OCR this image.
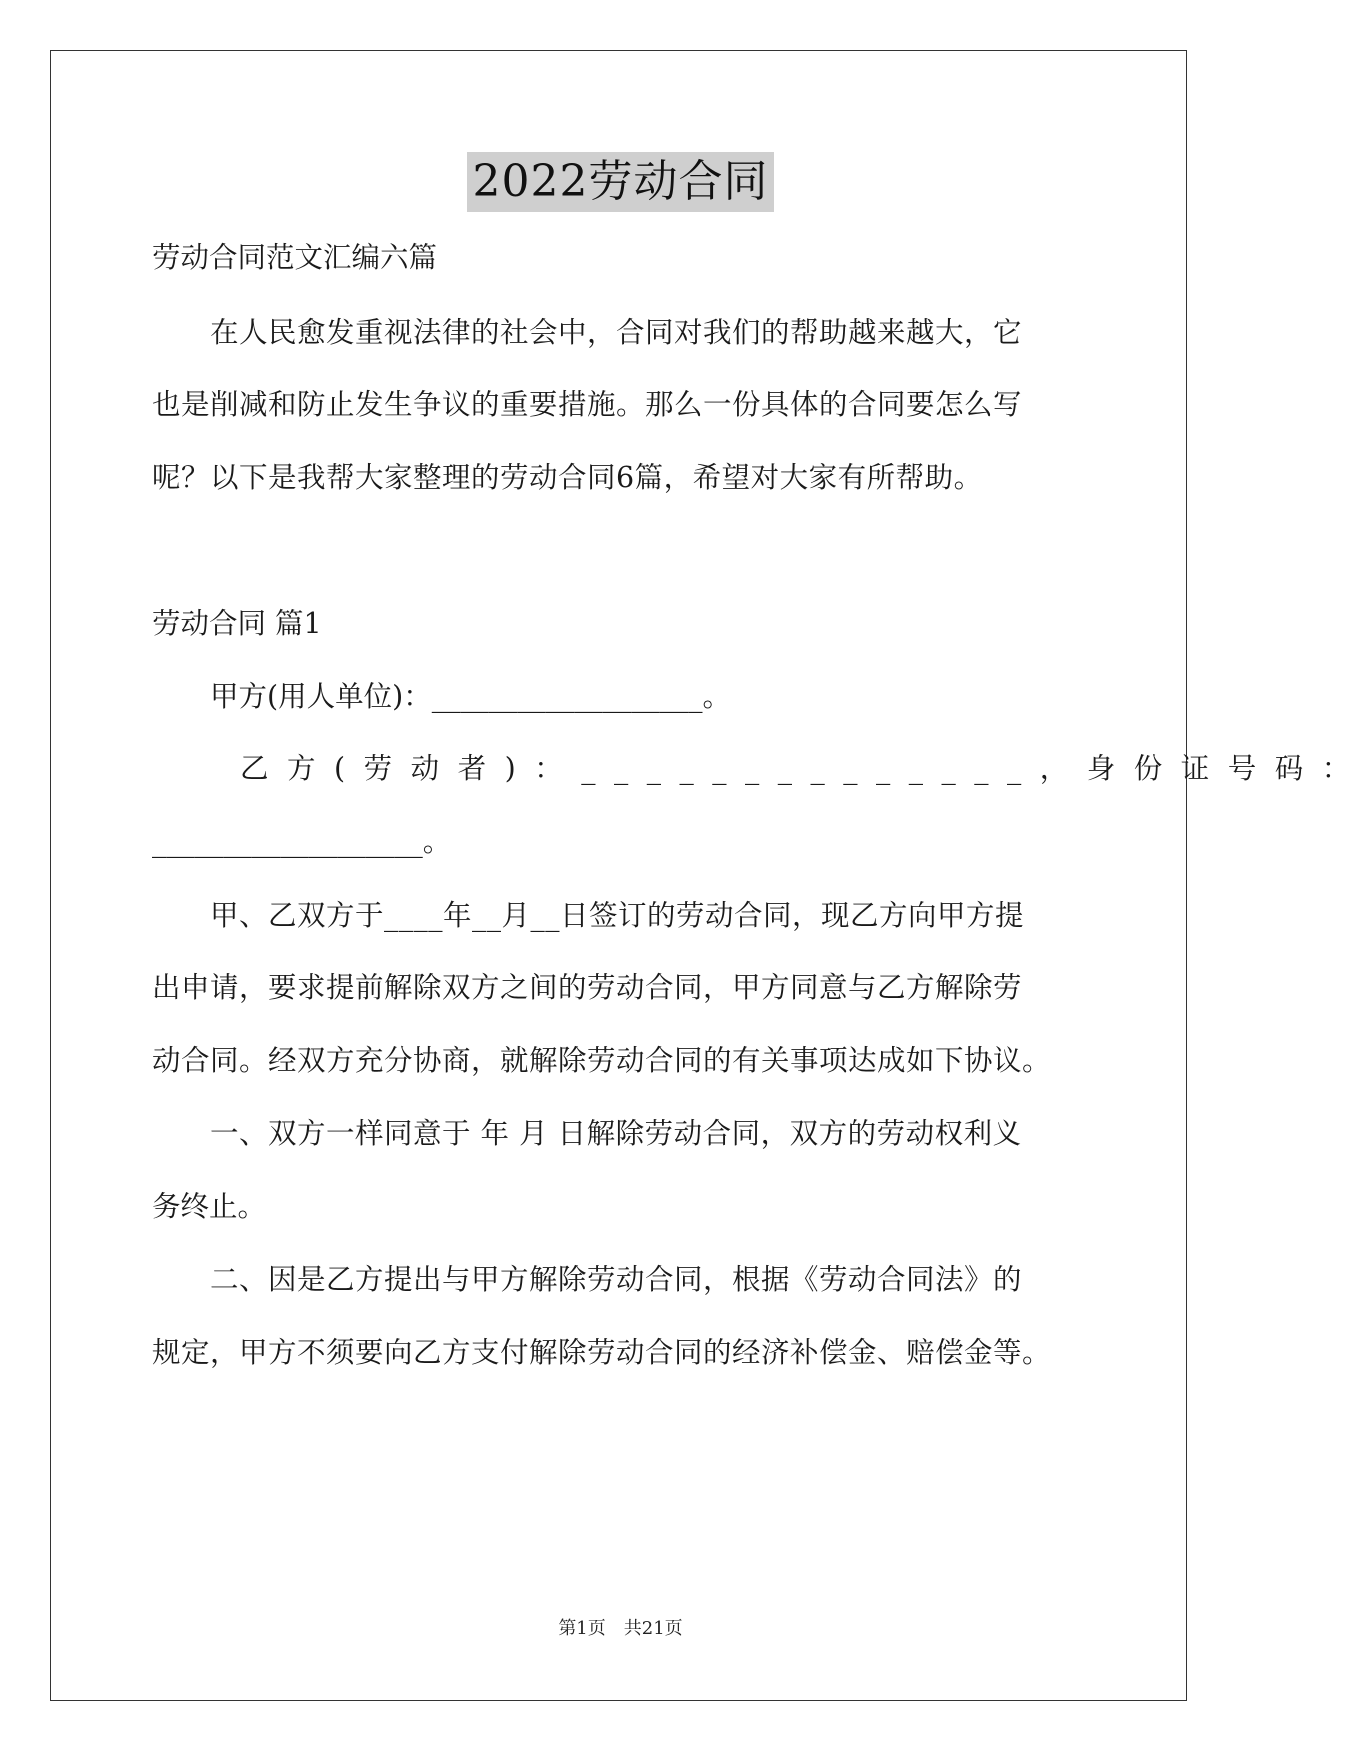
2022劳动合同
劳动合同范文汇编六篇
在人民愈发重视法律的社会中，合同对我们的帮助越来越大，它
也是削减和防止发生争议的重要措施。那么一份具体的合同要怎么写
呢？以下是我帮大家整理的劳动合同6篇，希望对大家有所帮助。
劳动合同 篇1
甲方(用人单位)：___________________。
乙方(劳动者)：______________，身份证号码：
___________________。
甲、乙双方于____年__月__日签订的劳动合同，现乙方向甲方提
出申请，要求提前解除双方之间的劳动合同，甲方同意与乙方解除劳
动合同。经双方充分协商，就解除劳动合同的有关事项达成如下协议。
一、双方一样同意于 年 月 日解除劳动合同，双方的劳动权利义
务终止。
二、因是乙方提出与甲方解除劳动合同，根据《劳动合同法》的
规定，甲方不须要向乙方支付解除劳动合同的经济补偿金、赔偿金等。
第1页　共21页
